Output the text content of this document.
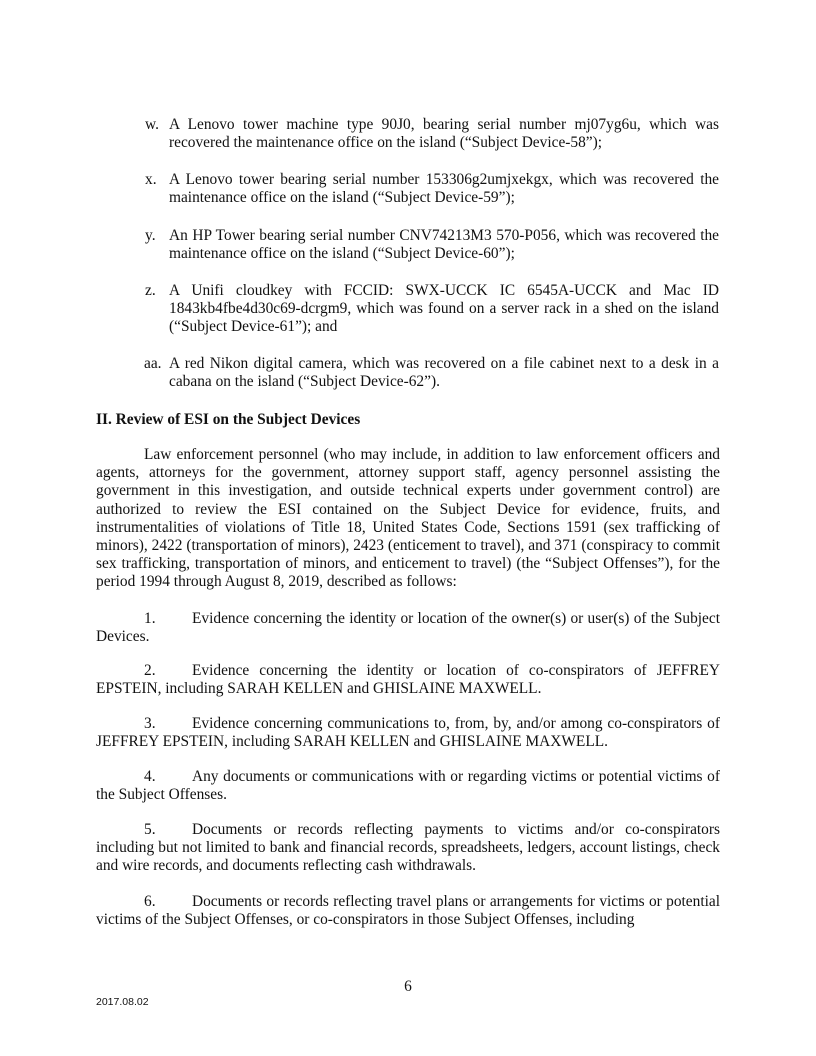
w. A Lenovo tower machine type 90J0, bearing serial number mj07yg6u, which was recovered the maintenance office on the island (“Subject Device-58”);
x. A Lenovo tower bearing serial number 153306g2umjxekgx, which was recovered the maintenance office on the island (“Subject Device-59”);
y. An HP Tower bearing serial number CNV74213M3 570-P056, which was recovered the maintenance office on the island (“Subject Device-60”);
z. A Unifi cloudkey with FCCID: SWX-UCCK IC 6545A-UCCK and Mac ID 1843kb4fbe4d30c69-dcrgm9, which was found on a server rack in a shed on the island (“Subject Device-61”); and
aa. A red Nikon digital camera, which was recovered on a file cabinet next to a desk in a cabana on the island (“Subject Device-62”).
II. Review of ESI on the Subject Devices
Law enforcement personnel (who may include, in addition to law enforcement officers and agents, attorneys for the government, attorney support staff, agency personnel assisting the government in this investigation, and outside technical experts under government control) are authorized to review the ESI contained on the Subject Device for evidence, fruits, and instrumentalities of violations of Title 18, United States Code, Sections 1591 (sex trafficking of minors), 2422 (transportation of minors), 2423 (enticement to travel), and 371 (conspiracy to commit sex trafficking, transportation of minors, and enticement to travel) (the “Subject Offenses”), for the period 1994 through August 8, 2019, described as follows:
1. Evidence concerning the identity or location of the owner(s) or user(s) of the Subject Devices.
2. Evidence concerning the identity or location of co-conspirators of JEFFREY EPSTEIN, including SARAH KELLEN and GHISLAINE MAXWELL.
3. Evidence concerning communications to, from, by, and/or among co-conspirators of JEFFREY EPSTEIN, including SARAH KELLEN and GHISLAINE MAXWELL.
4. Any documents or communications with or regarding victims or potential victims of the Subject Offenses.
5. Documents or records reflecting payments to victims and/or co-conspirators including but not limited to bank and financial records, spreadsheets, ledgers, account listings, check and wire records, and documents reflecting cash withdrawals.
6. Documents or records reflecting travel plans or arrangements for victims or potential victims of the Subject Offenses, or co-conspirators in those Subject Offenses, including
6
2017.08.02
